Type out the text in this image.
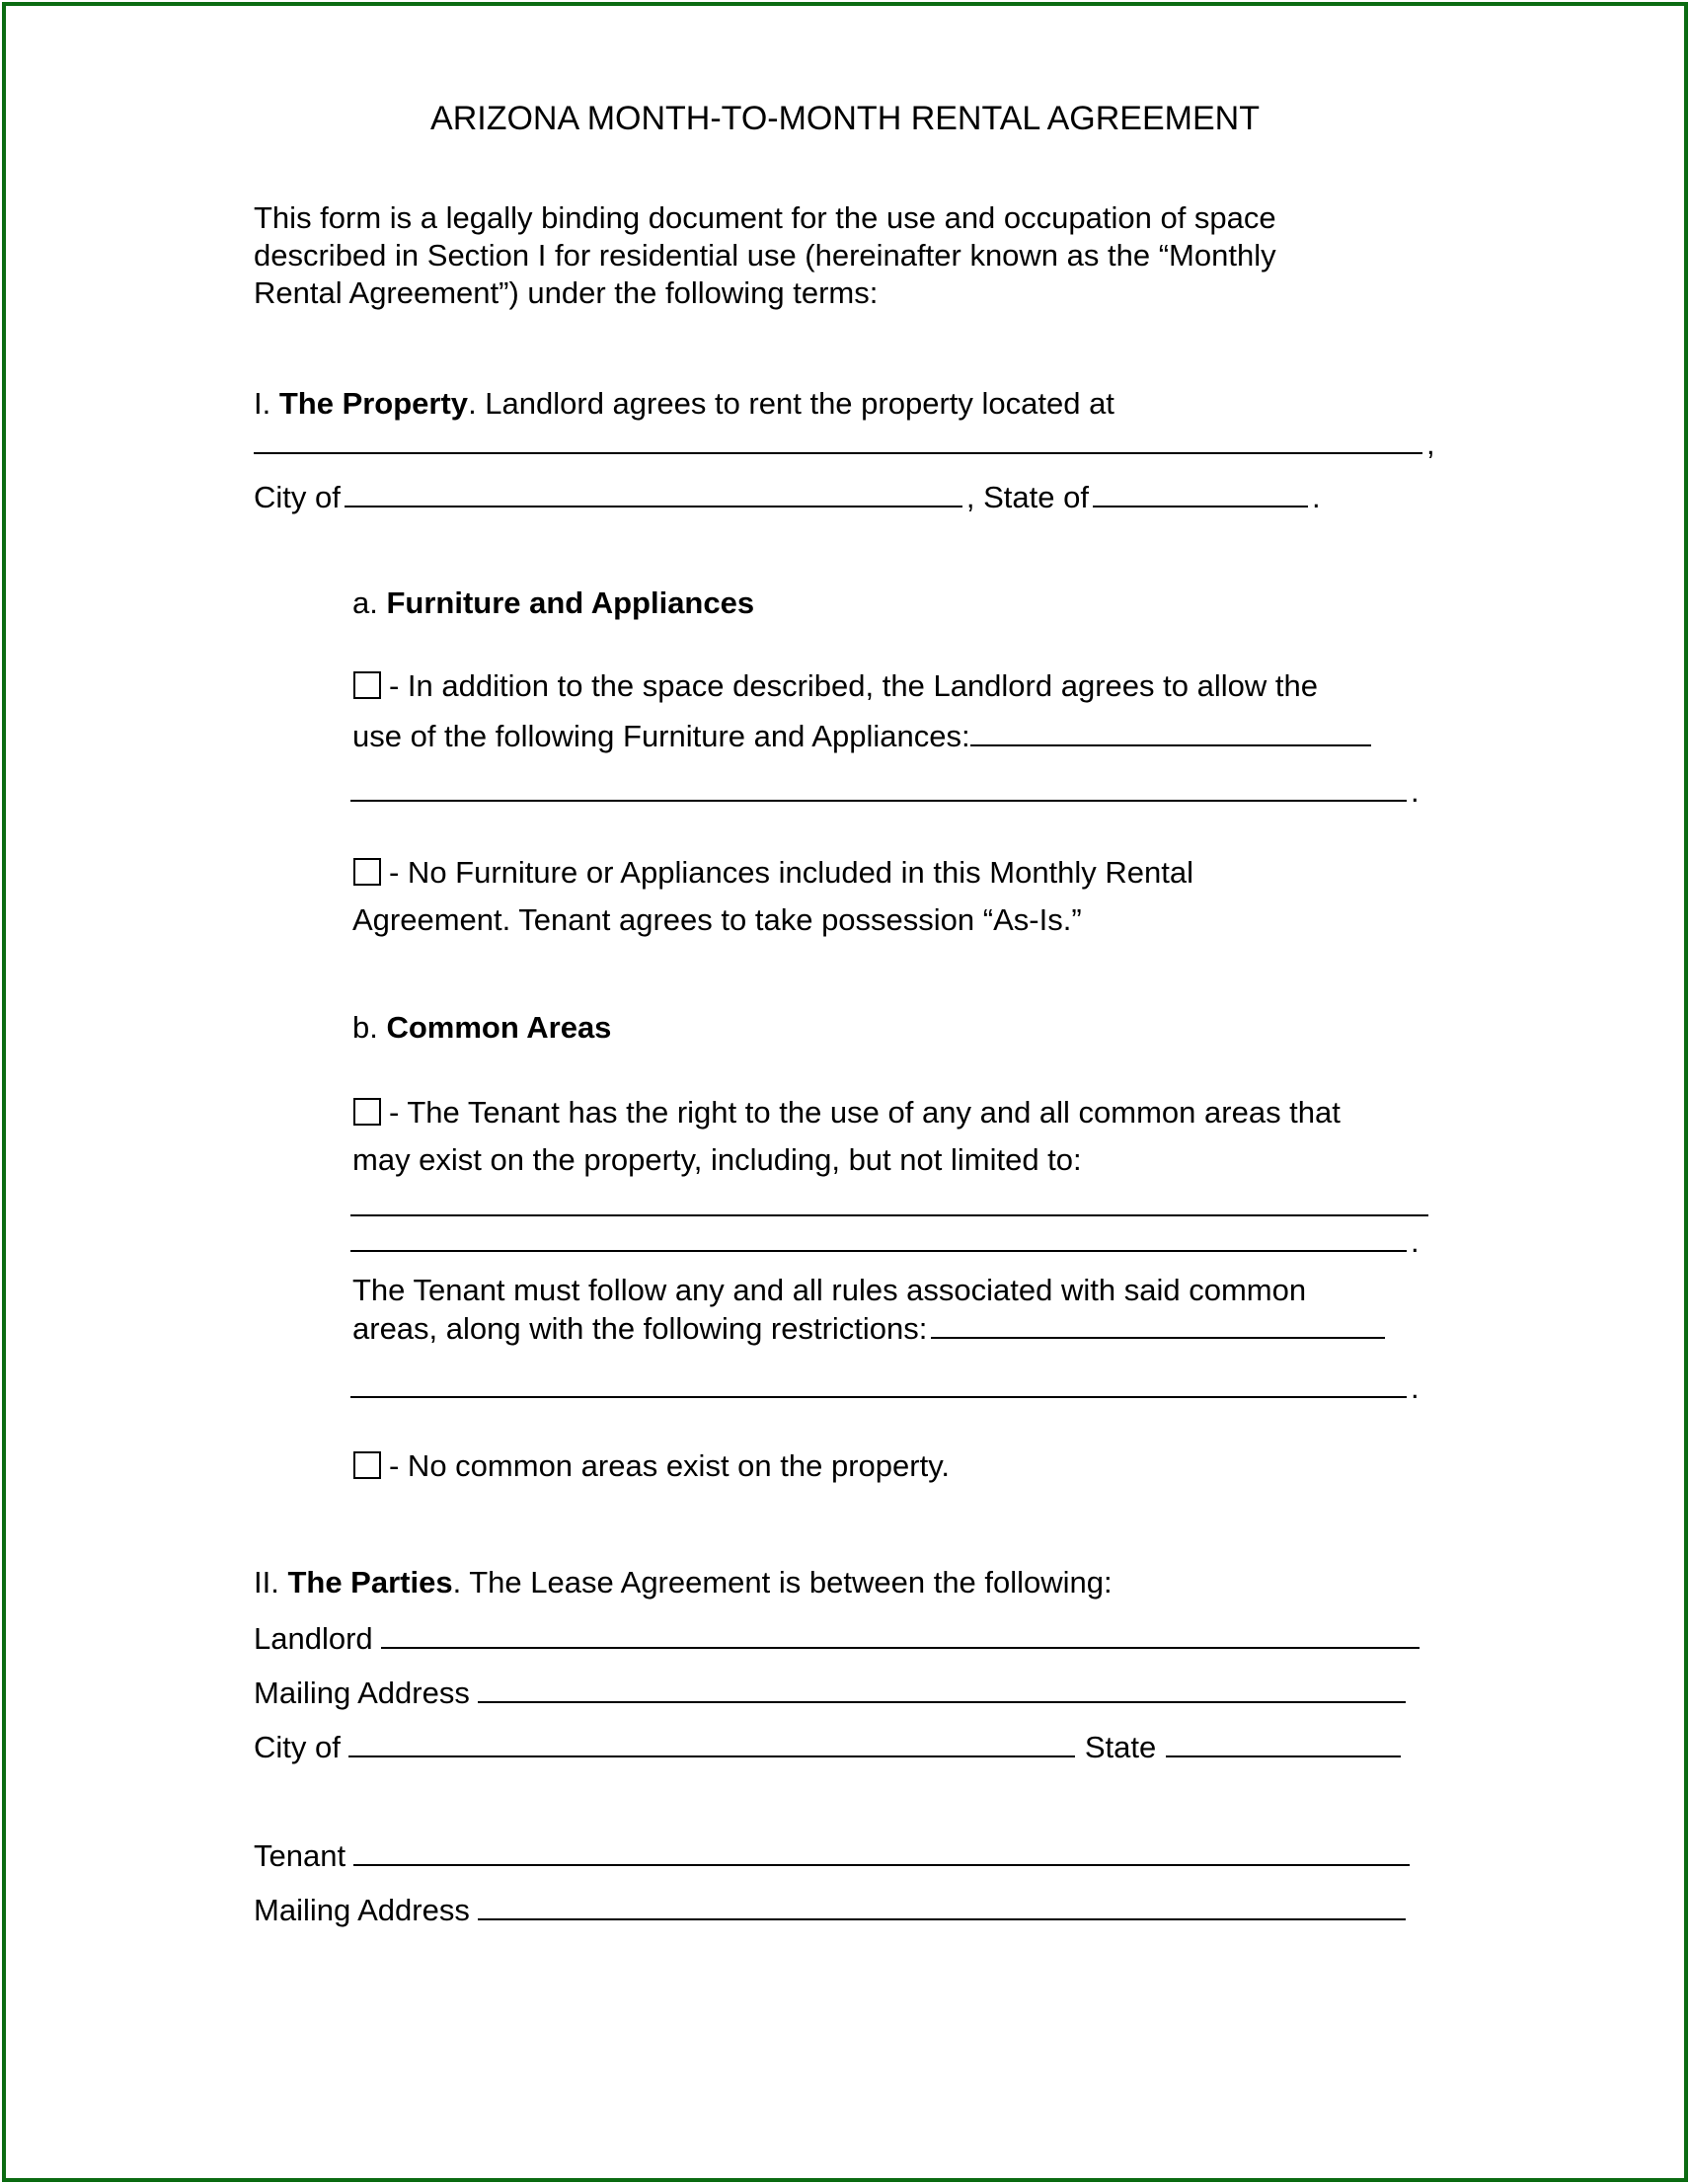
ARIZONA MONTH-TO-MONTH RENTAL AGREEMENT
This form is a legally binding document for the use and occupation of space
described in Section I for residential use (hereinafter known as the “Monthly
Rental Agreement”) under the following terms:
I. The Property. Landlord agrees to rent the property located at
,
City of	, State of	.
a. Furniture and Appliances
- In addition to the space described, the Landlord agrees to allow the
use of the following Furniture and Appliances:
.
- No Furniture or Appliances included in this Monthly Rental
Agreement. Tenant agrees to take possession “As-Is.”
b. Common Areas
- The Tenant has the right to the use of any and all common areas that
may exist on the property, including, but not limited to:
.
The Tenant must follow any and all rules associated with said common
areas, along with the following restrictions:
.
- No common areas exist on the property.
II. The Parties. The Lease Agreement is between the following:
Landlord
Mailing Address
City of	State
Tenant
Mailing Address
